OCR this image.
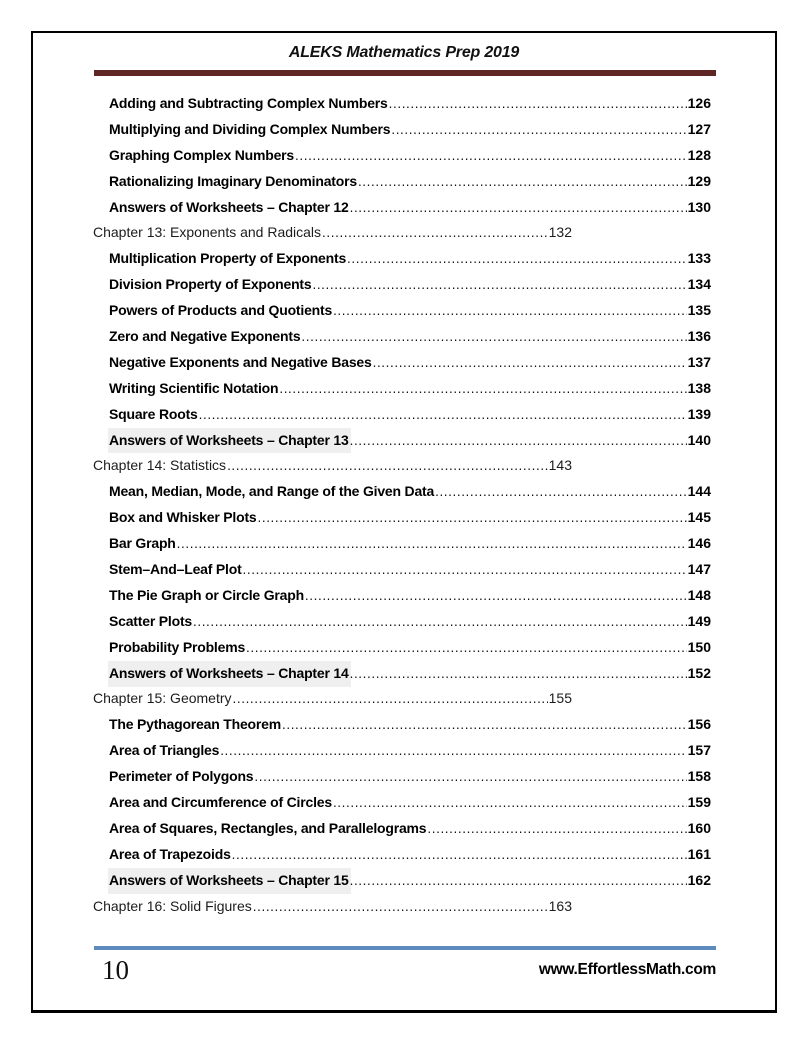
ALEKS Mathematics Prep 2019
Adding and Subtracting Complex Numbers .....	126
Multiplying and Dividing Complex Numbers .....	127
Graphing Complex Numbers .....	128
Rationalizing Imaginary Denominators .....	129
Answers of Worksheets – Chapter 12 .....	130
Chapter 13: Exponents and Radicals .....	132
Multiplication Property of Exponents .....	133
Division Property of Exponents .....	134
Powers of Products and Quotients .....	135
Zero and Negative Exponents .....	136
Negative Exponents and Negative Bases .....	137
Writing Scientific Notation .....	138
Square Roots .....	139
Answers of Worksheets – Chapter 13 .....	140
Chapter 14: Statistics .....	143
Mean, Median, Mode, and Range of the Given Data .....	144
Box and Whisker Plots .....	145
Bar Graph .....	146
Stem–And–Leaf Plot .....	147
The Pie Graph or Circle Graph .....	148
Scatter Plots .....	149
Probability Problems .....	150
Answers of Worksheets – Chapter 14 .....	152
Chapter 15: Geometry .....	155
The Pythagorean Theorem .....	156
Area of Triangles .....	157
Perimeter of Polygons .....	158
Area and Circumference of Circles .....	159
Area of Squares, Rectangles, and Parallelograms .....	160
Area of Trapezoids .....	161
Answers of Worksheets – Chapter 15 .....	162
Chapter 16: Solid Figures .....	163
10	www.EffortlessMath.com
